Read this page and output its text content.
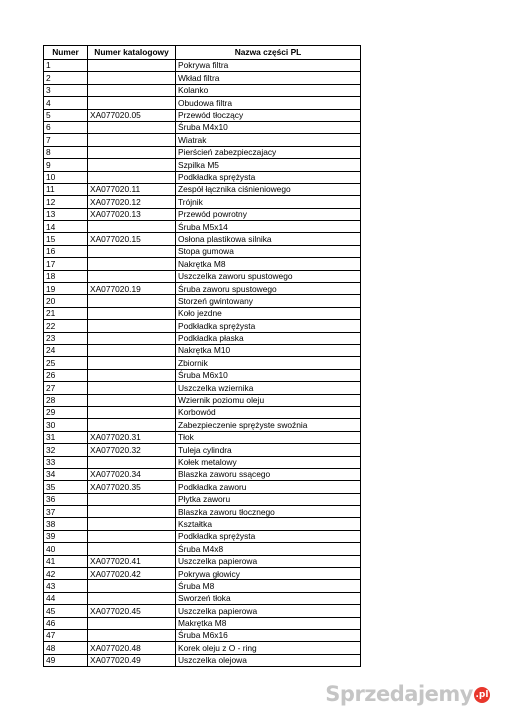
Numer	Numer katalogowy	Nazwa części PL
1		Pokrywa filtra
2		Wkład filtra
3		Kolanko
4		Obudowa filtra
5	XA077020.05	Przewód tłoczący
6		Śruba M4x10
7		Wiatrak
8		Pierścień zabezpieczajacy
9		Szpilka M5
10		Podkładka sprężysta
11	XA077020.11	Zespół łącznika ciśnieniowego
12	XA077020.12	Trójnik
13	XA077020.13	Przewód powrotny
14		Śruba M5x14
15	XA077020.15	Osłona plastikowa silnika
16		Stopa gumowa
17		Nakrętka M8
18		Uszczelka zaworu spustowego
19	XA077020.19	Śruba zaworu spustowego
20		Storzeń gwintowany
21		Koło jezdne
22		Podkładka sprężysta
23		Podkładka płaska
24		Nakrętka M10
25		Zbiornik
26		Śruba M6x10
27		Uszczelka wziernika
28		Wziernik poziomu oleju
29		Korbowód
30		Zabezpieczenie sprężyste swoźnia
31	XA077020.31	Tłok
32	XA077020.32	Tuleja cylindra
33		Kołek metalowy
34	XA077020.34	Blaszka zaworu ssącego
35	XA077020.35	Podkładka zaworu
36		Płytka zaworu
37		Blaszka zaworu tłocznego
38		Kształtka
39		Podkładka sprężysta
40		Śruba M4x8
41	XA077020.41	Uszczelka papierowa
42	XA077020.42	Pokrywa głowicy
43		Śruba M8
44		Sworzeń tłoka
45	XA077020.45	Uszczelka papierowa
46		Makrętka M8
47		Śruba M6x16
48	XA077020.48	Korek oleju z O - ring
49	XA077020.49	Uszczelka olejowa
Sprzedajemy .pl
